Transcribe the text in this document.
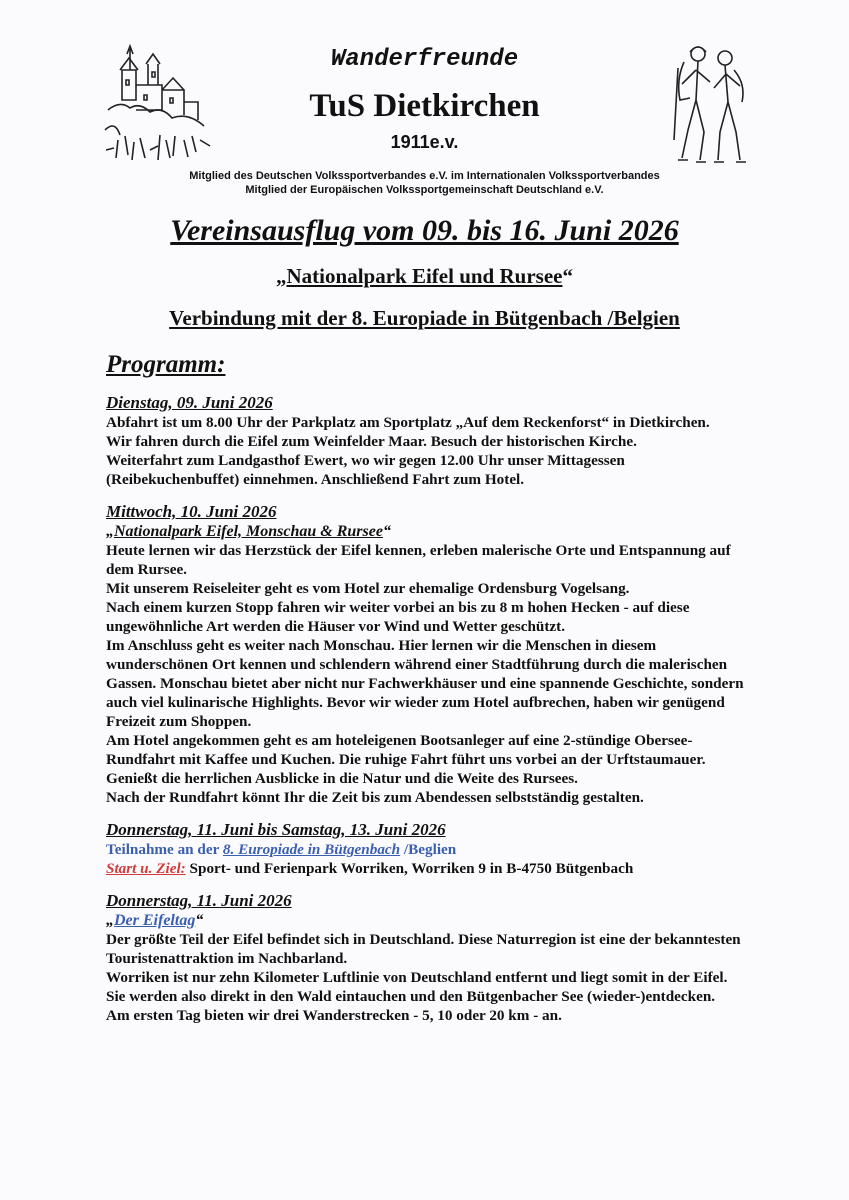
Wanderfreunde
TuS Dietkirchen
1911e.v.
Mitglied des Deutschen Volkssportverbandes e.V. im Internationalen Volkssportverbandes
Mitglied der Europäischen Volkssportgemeinschaft Deutschland e.V.
Vereinsausflug vom 09. bis 16. Juni 2026
„Nationalpark Eifel und Rursee“
Verbindung mit der 8. Europiade in Bütgenbach /Belgien
Programm:
Dienstag, 09. Juni 2026

Abfahrt ist um 8.00 Uhr der Parkplatz am Sportplatz „Auf dem Reckenforst“ in Dietkirchen.

Wir fahren durch die Eifel zum Weinfelder Maar. Besuch der historischen Kirche.

Weiterfahrt zum Landgasthof Ewert, wo wir gegen 12.00 Uhr unser Mittagessen (Reibekuchenbuffet) einnehmen. Anschließend Fahrt zum Hotel.

Mittwoch, 10. Juni 2026
„Nationalpark Eifel, Monschau & Rursee“

Heute lernen wir das Herzstück der Eifel kennen, erleben malerische Orte und Entspannung auf dem Rursee.

Mit unserem Reiseleiter geht es vom Hotel zur ehemalige Ordensburg Vogelsang.

Nach einem kurzen Stopp fahren wir weiter vorbei an bis zu 8 m hohen Hecken - auf diese ungewöhnliche Art werden die Häuser vor Wind und Wetter geschützt.

Im Anschluss geht es weiter nach Monschau. Hier lernen wir die Menschen in diesem wunderschönen Ort kennen und schlendern während einer Stadtführung durch die malerischen Gassen. Monschau bietet aber nicht nur Fachwerkhäuser und eine spannende Geschichte, sondern auch viel kulinarische Highlights. Bevor wir wieder zum Hotel aufbrechen, haben wir genügend Freizeit zum Shoppen.

Am Hotel angekommen geht es am hoteleigenen Bootsanleger auf eine 2-stündige Obersee-Rundfahrt mit Kaffee und Kuchen. Die ruhige Fahrt führt uns vorbei an der Urftstaumauer. Genießt die herrlichen Ausblicke in die Natur und die Weite des Rursees.

Nach der Rundfahrt könnt Ihr die Zeit bis zum Abendessen selbstständig gestalten.

Donnerstag, 11. Juni bis Samstag, 13. Juni 2026

Teilnahme an der 8. Europiade in Bütgenbach /Beglien

Start u. Ziel: Sport- und Ferienpark Worriken, Worriken 9 in B-4750 Bütgenbach

Donnerstag, 11. Juni 2026
„Der Eifeltag“

Der größte Teil der Eifel befindet sich in Deutschland. Diese Naturregion ist eine der bekanntesten Touristenattraktion im Nachbarland.

Worriken ist nur zehn Kilometer Luftlinie von Deutschland entfernt und liegt somit in der Eifel. Sie werden also direkt in den Wald eintauchen und den Bütgenbacher See (wieder-)entdecken.

Am ersten Tag bieten wir drei Wanderstrecken - 5, 10 oder 20 km - an.
